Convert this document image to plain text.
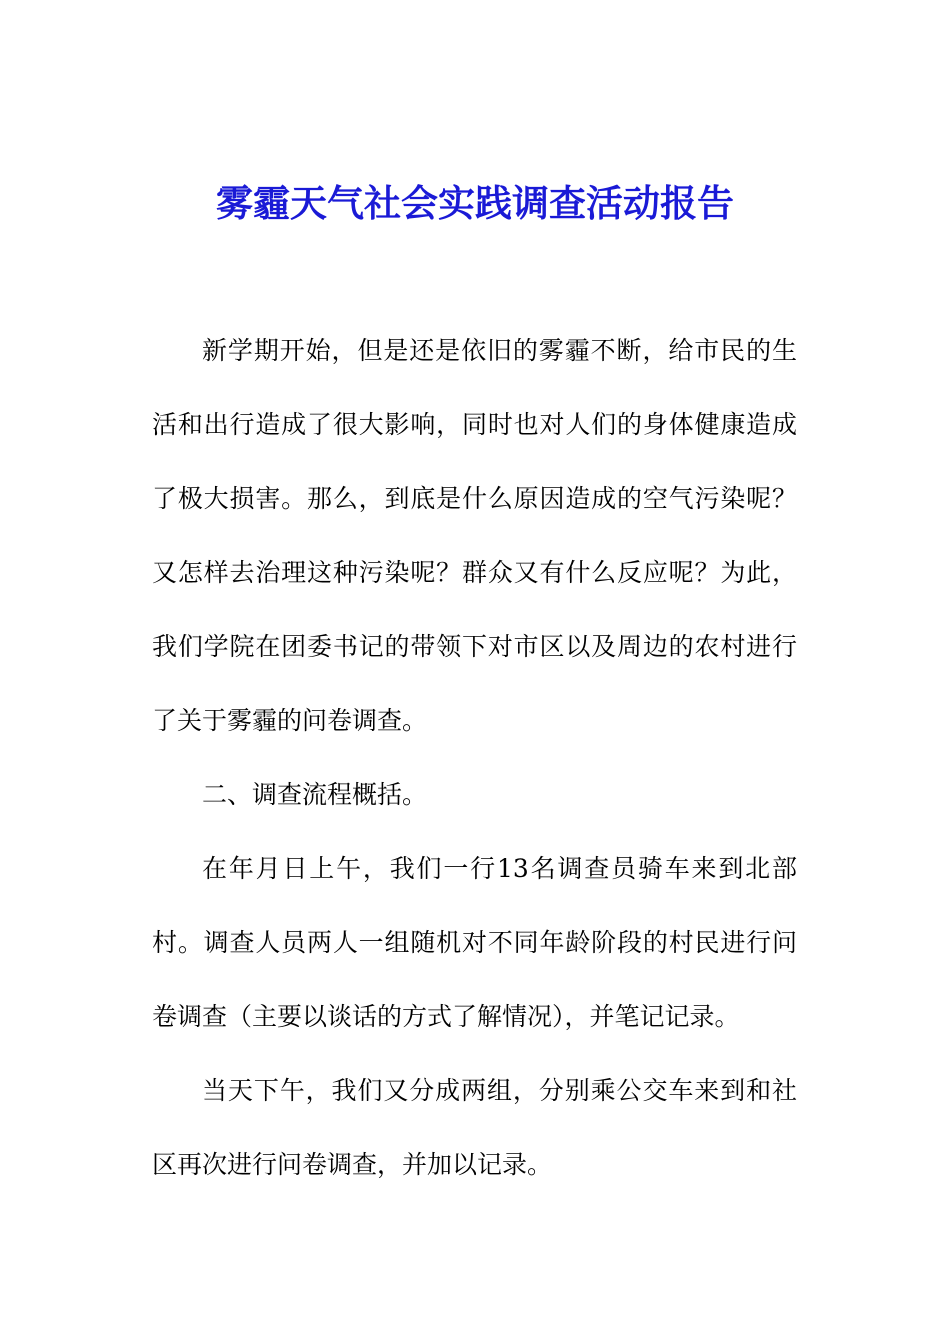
雾霾天气社会实践调查活动报告

新学期开始，但是还是依旧的雾霾不断，给市民的生活和出行造成了很大影响，同时也对人们的身体健康造成了极大损害。那么，到底是什么原因造成的空气污染呢？又怎样去治理这种污染呢？群众又有什么反应呢？为此，我们学院在团委书记的带领下对市区以及周边的农村进行了关于雾霾的问卷调查。

二、调查流程概括。

在年月日上午，我们一行13名调查员骑车来到北部村。调查人员两人一组随机对不同年龄阶段的村民进行问卷调查（主要以谈话的方式了解情况），并笔记记录。

当天下午，我们又分成两组，分别乘公交车来到和社区再次进行问卷调查，并加以记录。
